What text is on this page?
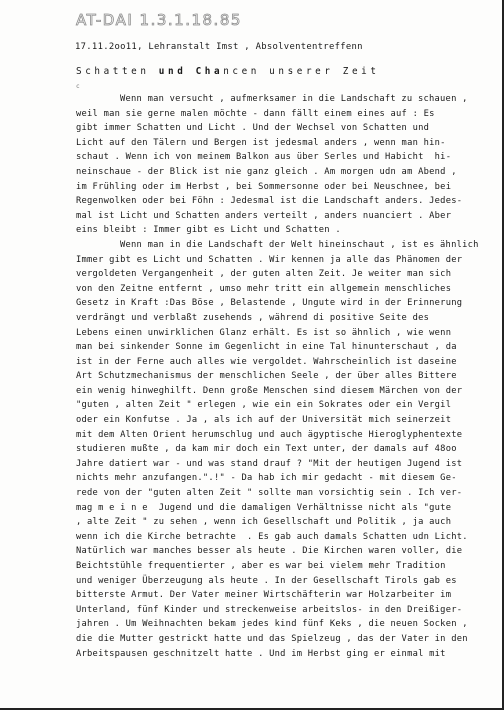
AT-DAI 1.3.1.18.85
17.11.2oo11, Lehranstalt Imst , Absolvententreffenn
Schatten und Chancen unserer Zeit
c
Wenn man versucht , aufmerksamer in die Landschaft zu schauen ,
weil man sie gerne malen möchte - dann fällt einem eines auf : Es
gibt immer Schatten und Licht . Und der Wechsel von Schatten und
Licht auf den Tälern und Bergen ist jedesmal anders , wenn man hin-
schaut . Wenn ich von meinem Balkon aus über Serles und Habicht  hi-
neinschaue - der Blick ist nie ganz gleich . Am morgen udn am Abend ,
im Frühling oder im Herbst , bei Sommersonne oder bei Neuschnee, bei
Regenwolken oder bei Föhn : Jedesmal ist die Landschaft anders. Jedes-
mal ist Licht und Schatten anders verteilt , anders nuanciert . Aber
eins bleibt : Immer gibt es Licht und Schatten .
Wenn man in die Landschaft der Welt hineinschaut , ist es ähnlich
Immer gibt es Licht und Schatten . Wir kennen ja alle das Phänomen der
vergoldeten Vergangenheit , der guten alten Zeit. Je weiter man sich
von den Zeitne entfernt , umso mehr tritt ein allgemein menschliches
Gesetz in Kraft :Das Böse , Belastende , Ungute wird in der Erinnerung
verdrängt und verblaßt zusehends , während di positive Seite des
Lebens einen unwirklichen Glanz erhält. Es ist so ähnlich , wie wenn
man bei sinkender Sonne im Gegenlicht in eine Tal hinunterschaut , da
ist in der Ferne auch alles wie vergoldet. Wahrscheinlich ist daseine
Art Schutzmechanismus der menschlichen Seele , der über alles Bittere
ein wenig hinweghilft. Denn große Menschen sind diesem Märchen von der
"guten , alten Zeit " erlegen , wie ein ein Sokrates oder ein Vergil
oder ein Konfutse . Ja , als ich auf der Universität mich seinerzeit
mit dem Alten Orient herumschlug und auch ägyptische Hieroglyphentexte
studieren mußte , da kam mir doch ein Text unter, der damals auf 48oo
Jahre datiert war - und was stand drauf ? "Mit der heutigen Jugend ist
nichts mehr anzufangen.".!" - Da hab ich mir gedacht - mit diesem Ge-
rede von der "guten alten Zeit " sollte man vorsichtig sein . Ich ver-
mag m e i n e  Jugend und die damaligen Verhältnisse nicht als "gute
, alte Zeit " zu sehen , wenn ich Gesellschaft und Politik , ja auch
wenn ich die Kirche betrachte  . Es gab auch damals Schatten udn Licht.
Natürlich war manches besser als heute . Die Kirchen waren voller, die
Beichtstühle frequentierter , aber es war bei vielem mehr Tradition
und weniger Überzeugung als heute . In der Gesellschaft Tirols gab es
bitterste Armut. Der Vater meiner Wirtschäfterin war Holzarbeiter im
Unterland, fünf Kinder und streckenweise arbeitslos- in den Dreißiger-
jahren . Um Weihnachten bekam jedes kind fünf Keks , die neuen Socken ,
die die Mutter gestrickt hatte und das Spielzeug , das der Vater in den
Arbeitspausen geschnitzelt hatte . Und im Herbst ging er einmal mit
